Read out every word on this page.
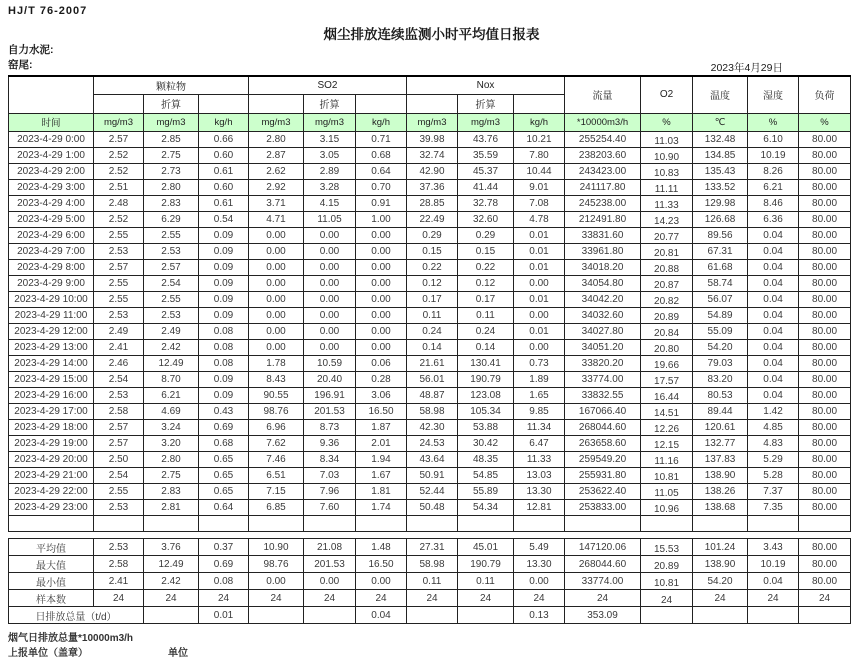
HJ/T 76-2007
烟尘排放连续监测小时平均值日报表
自力水泥:
窑尾:	2023年4月29日
	颗粒物			SO2			Nox			流量	O2	温度	湿度	负荷
		折算			折算			折算						
时间	mg/m3	mg/m3	kg/h	mg/m3	mg/m3	kg/h	mg/m3	mg/m3	kg/h	*10000m3/h	%	℃	%	%
2023-4-29 0:00	2.57	2.85	0.66	2.80	3.15	0.71	39.98	43.76	10.21	255254.40	11.03	132.48	6.10	80.00
2023-4-29 1:00	2.52	2.75	0.60	2.87	3.05	0.68	32.74	35.59	7.80	238203.60	10.90	134.85	10.19	80.00
2023-4-29 2:00	2.52	2.73	0.61	2.62	2.89	0.64	42.90	45.37	10.44	243423.00	10.83	135.43	8.26	80.00
2023-4-29 3:00	2.51	2.80	0.60	2.92	3.28	0.70	37.36	41.44	9.01	241117.80	11.11	133.52	6.21	80.00
2023-4-29 4:00	2.48	2.83	0.61	3.71	4.15	0.91	28.85	32.78	7.08	245238.00	11.33	129.98	8.46	80.00
2023-4-29 5:00	2.52	6.29	0.54	4.71	11.05	1.00	22.49	32.60	4.78	212491.80	14.23	126.68	6.36	80.00
2023-4-29 6:00	2.55	2.55	0.09	0.00	0.00	0.00	0.29	0.29	0.01	33831.60	20.77	89.56	0.04	80.00
2023-4-29 7:00	2.53	2.53	0.09	0.00	0.00	0.00	0.15	0.15	0.01	33961.80	20.81	67.31	0.04	80.00
2023-4-29 8:00	2.57	2.57	0.09	0.00	0.00	0.00	0.22	0.22	0.01	34018.20	20.88	61.68	0.04	80.00
2023-4-29 9:00	2.55	2.54	0.09	0.00	0.00	0.00	0.12	0.12	0.00	34054.80	20.87	58.74	0.04	80.00
2023-4-29 10:00	2.55	2.55	0.09	0.00	0.00	0.00	0.17	0.17	0.01	34042.20	20.82	56.07	0.04	80.00
2023-4-29 11:00	2.53	2.53	0.09	0.00	0.00	0.00	0.11	0.11	0.00	34032.60	20.89	54.89	0.04	80.00
2023-4-29 12:00	2.49	2.49	0.08	0.00	0.00	0.00	0.24	0.24	0.01	34027.80	20.84	55.09	0.04	80.00
2023-4-29 13:00	2.41	2.42	0.08	0.00	0.00	0.00	0.14	0.14	0.00	34051.20	20.80	54.20	0.04	80.00
2023-4-29 14:00	2.46	12.49	0.08	1.78	10.59	0.06	21.61	130.41	0.73	33820.20	19.66	79.03	0.04	80.00
2023-4-29 15:00	2.54	8.70	0.09	8.43	20.40	0.28	56.01	190.79	1.89	33774.00	17.57	83.20	0.04	80.00
2023-4-29 16:00	2.53	6.21	0.09	90.55	196.91	3.06	48.87	123.08	1.65	33832.55	16.44	80.53	0.04	80.00
2023-4-29 17:00	2.58	4.69	0.43	98.76	201.53	16.50	58.98	105.34	9.85	167066.40	14.51	89.44	1.42	80.00
2023-4-29 18:00	2.57	3.24	0.69	6.96	8.73	1.87	42.30	53.88	11.34	268044.60	12.26	120.61	4.85	80.00
2023-4-29 19:00	2.57	3.20	0.68	7.62	9.36	2.01	24.53	30.42	6.47	263658.60	12.15	132.77	4.83	80.00
2023-4-29 20:00	2.50	2.80	0.65	7.46	8.34	1.94	43.64	48.35	11.33	259549.20	11.16	137.83	5.29	80.00
2023-4-29 21:00	2.54	2.75	0.65	6.51	7.03	1.67	50.91	54.85	13.03	255931.80	10.81	138.90	5.28	80.00
2023-4-29 22:00	2.55	2.83	0.65	7.15	7.96	1.81	52.44	55.89	13.30	253622.40	11.05	138.26	7.37	80.00
2023-4-29 23:00	2.53	2.81	0.64	6.85	7.60	1.74	50.48	54.34	12.81	253833.00	10.96	138.68	7.35	80.00

平均值	2.53	3.76	0.37	10.90	21.08	1.48	27.31	45.01	5.49	147120.06	15.53	101.24	3.43	80.00
最大值	2.58	12.49	0.69	98.76	201.53	16.50	58.98	190.79	13.30	268044.60	20.89	138.90	10.19	80.00
最小值	2.41	2.42	0.08	0.00	0.00	0.00	0.11	0.11	0.00	33774.00	10.81	54.20	0.04	80.00
样本数	24	24	24	24	24	24	24	24	24	24	24	24	24	24
日排放总量（t/d）			0.01			0.04			0.13	353.09				
烟气日排放总量*10000m3/h
上报单位（盖章）	单位
